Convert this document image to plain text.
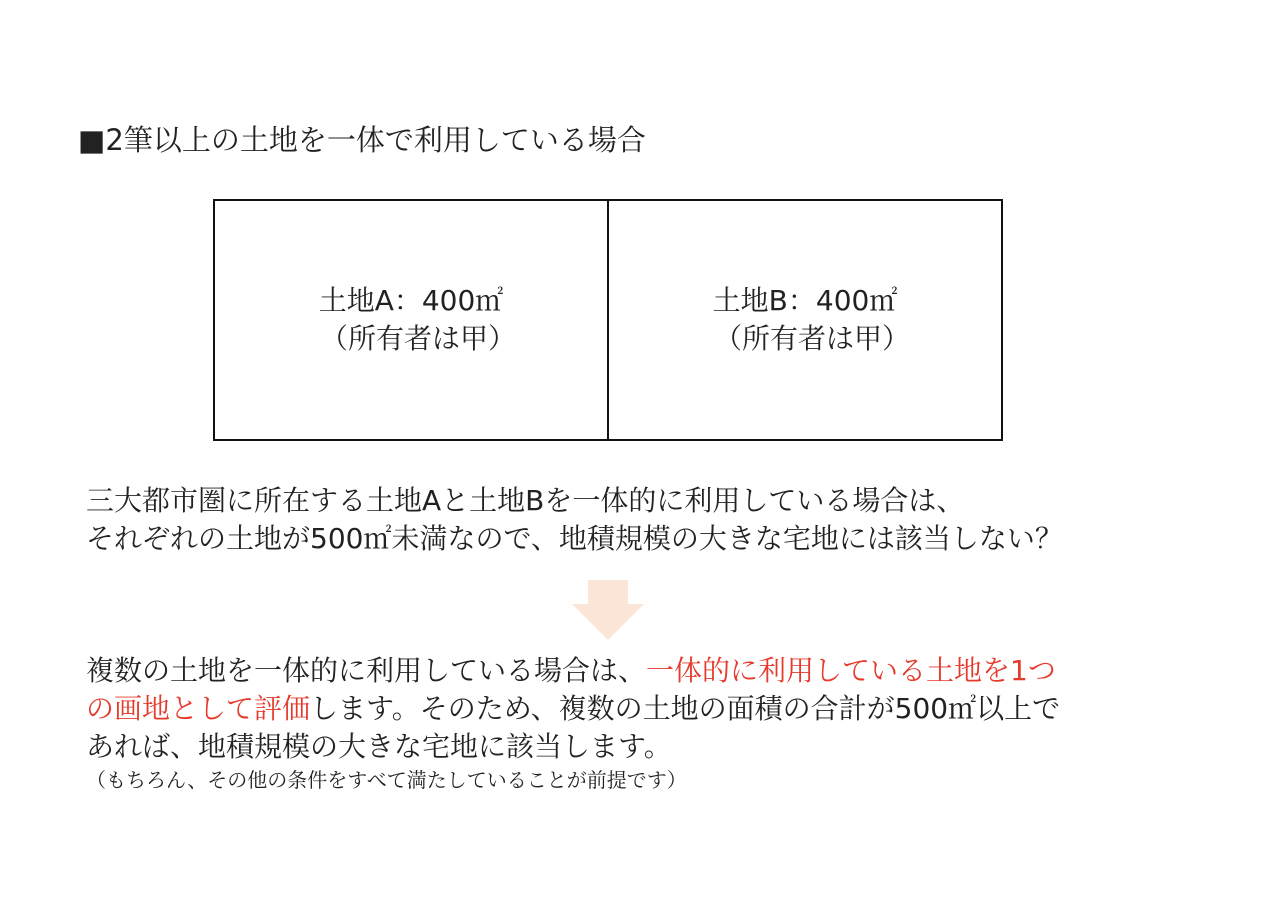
■2筆以上の土地を一体で利用している場合
土地A：400㎡
（所有者は甲）
土地B：400㎡
（所有者は甲）
三大都市圏に所在する土地Aと土地Bを一体的に利用している場合は、
それぞれの土地が500㎡未満なので、地積規模の大きな宅地には該当しない？
複数の土地を一体的に利用している場合は、一体的に利用している土地を1つ
の画地として評価します。そのため、複数の土地の面積の合計が500㎡以上で
あれば、地積規模の大きな宅地に該当します。
（もちろん、その他の条件をすべて満たしていることが前提です）
